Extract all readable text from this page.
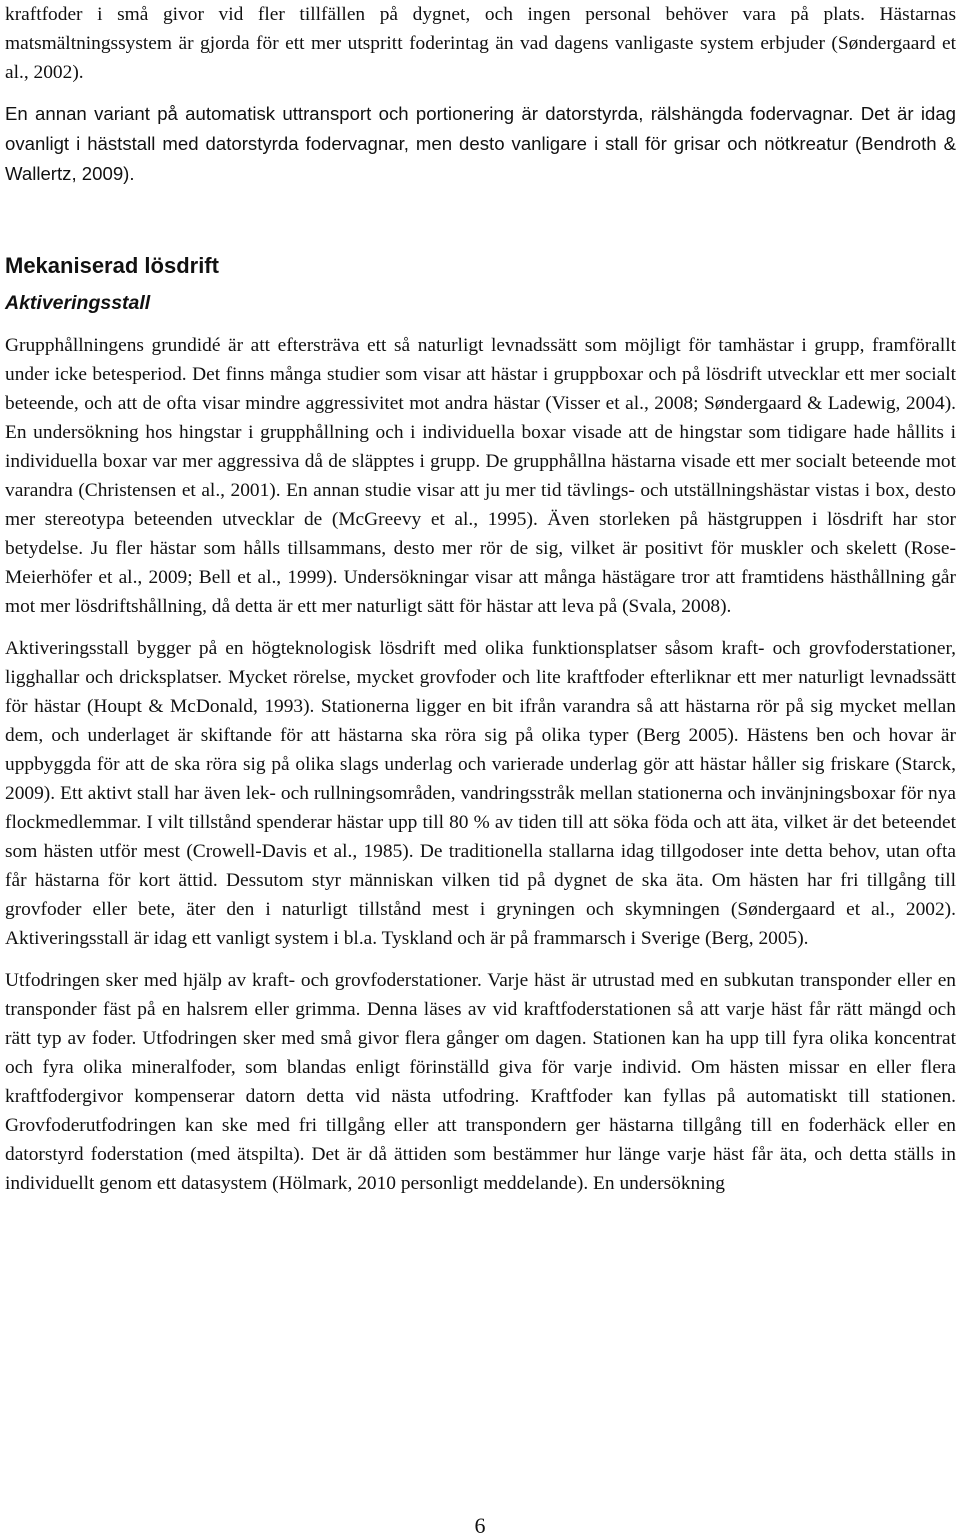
kraftfoder i små givor vid fler tillfällen på dygnet, och ingen personal behöver vara på plats. Hästarnas matsmältningssystem är gjorda för ett mer utspritt foderintag än vad dagens vanligaste system erbjuder (Søndergaard et al., 2002).

En annan variant på automatisk uttransport och portionering är datorstyrda, rälshängda fodervagnar. Det är idag ovanligt i häststall med datorstyrda fodervagnar, men desto vanligare i stall för grisar och nötkreatur (Bendroth & Wallertz, 2009).

Mekaniserad lösdrift
Aktiveringsstall

Grupphållningens grundidé är att eftersträva ett så naturligt levnadssätt som möjligt för tamhästar i grupp, framförallt under icke betesperiod. Det finns många studier som visar att hästar i gruppboxar och på lösdrift utvecklar ett mer socialt beteende, och att de ofta visar mindre aggressivitet mot andra hästar (Visser et al., 2008; Søndergaard & Ladewig, 2004). En undersökning hos hingstar i grupphållning och i individuella boxar visade att de hingstar som tidigare hade hållits i individuella boxar var mer aggressiva då de släpptes i grupp. De grupphållna hästarna visade ett mer socialt beteende mot varandra (Christensen et al., 2001). En annan studie visar att ju mer tid tävlings- och utställningshästar vistas i box, desto mer stereotypa beteenden utvecklar de (McGreevy et al., 1995). Även storleken på hästgruppen i lösdrift har stor betydelse. Ju fler hästar som hålls tillsammans, desto mer rör de sig, vilket är positivt för muskler och skelett (Rose-Meierhöfer et al., 2009; Bell et al., 1999). Undersökningar visar att många hästägare tror att framtidens hästhållning går mot mer lösdriftshållning, då detta är ett mer naturligt sätt för hästar att leva på (Svala, 2008).

Aktiveringsstall bygger på en högteknologisk lösdrift med olika funktionsplatser såsom kraft- och grovfoderstationer, ligghallar och dricksplatser. Mycket rörelse, mycket grovfoder och lite kraftfoder efterliknar ett mer naturligt levnadssätt för hästar (Houpt & McDonald, 1993). Stationerna ligger en bit ifrån varandra så att hästarna rör på sig mycket mellan dem, och underlaget är skiftande för att hästarna ska röra sig på olika typer (Berg 2005). Hästens ben och hovar är uppbyggda för att de ska röra sig på olika slags underlag och varierade underlag gör att hästar håller sig friskare (Starck, 2009). Ett aktivt stall har även lek- och rullningsområden, vandringsstråk mellan stationerna och invänjningsboxar för nya flockmedlemmar. I vilt tillstånd spenderar hästar upp till 80 % av tiden till att söka föda och att äta, vilket är det beteendet som hästen utför mest (Crowell-Davis et al., 1985). De traditionella stallarna idag tillgodoser inte detta behov, utan ofta får hästarna för kort ättid. Dessutom styr människan vilken tid på dygnet de ska äta. Om hästen har fri tillgång till grovfoder eller bete, äter den i naturligt tillstånd mest i gryningen och skymningen (Søndergaard et al., 2002). Aktiveringsstall är idag ett vanligt system i bl.a. Tyskland och är på frammarsch i Sverige (Berg, 2005).

Utfodringen sker med hjälp av kraft- och grovfoderstationer. Varje häst är utrustad med en subkutan transponder eller en transponder fäst på en halsrem eller grimma. Denna läses av vid kraftfoderstationen så att varje häst får rätt mängd och rätt typ av foder. Utfodringen sker med små givor flera gånger om dagen. Stationen kan ha upp till fyra olika koncentrat och fyra olika mineralfoder, som blandas enligt förinställd giva för varje individ. Om hästen missar en eller flera kraftfodergivor kompenserar datorn detta vid nästa utfodring. Kraftfoder kan fyllas på automatiskt till stationen. Grovfoderutfodringen kan ske med fri tillgång eller att transpondern ger hästarna tillgång till en foderhäck eller en datorstyrd foderstation (med ätspilta). Det är då ättiden som bestämmer hur länge varje häst får äta, och detta ställs in individuellt genom ett datasystem (Hölmark, 2010 personligt meddelande). En undersökning

6
